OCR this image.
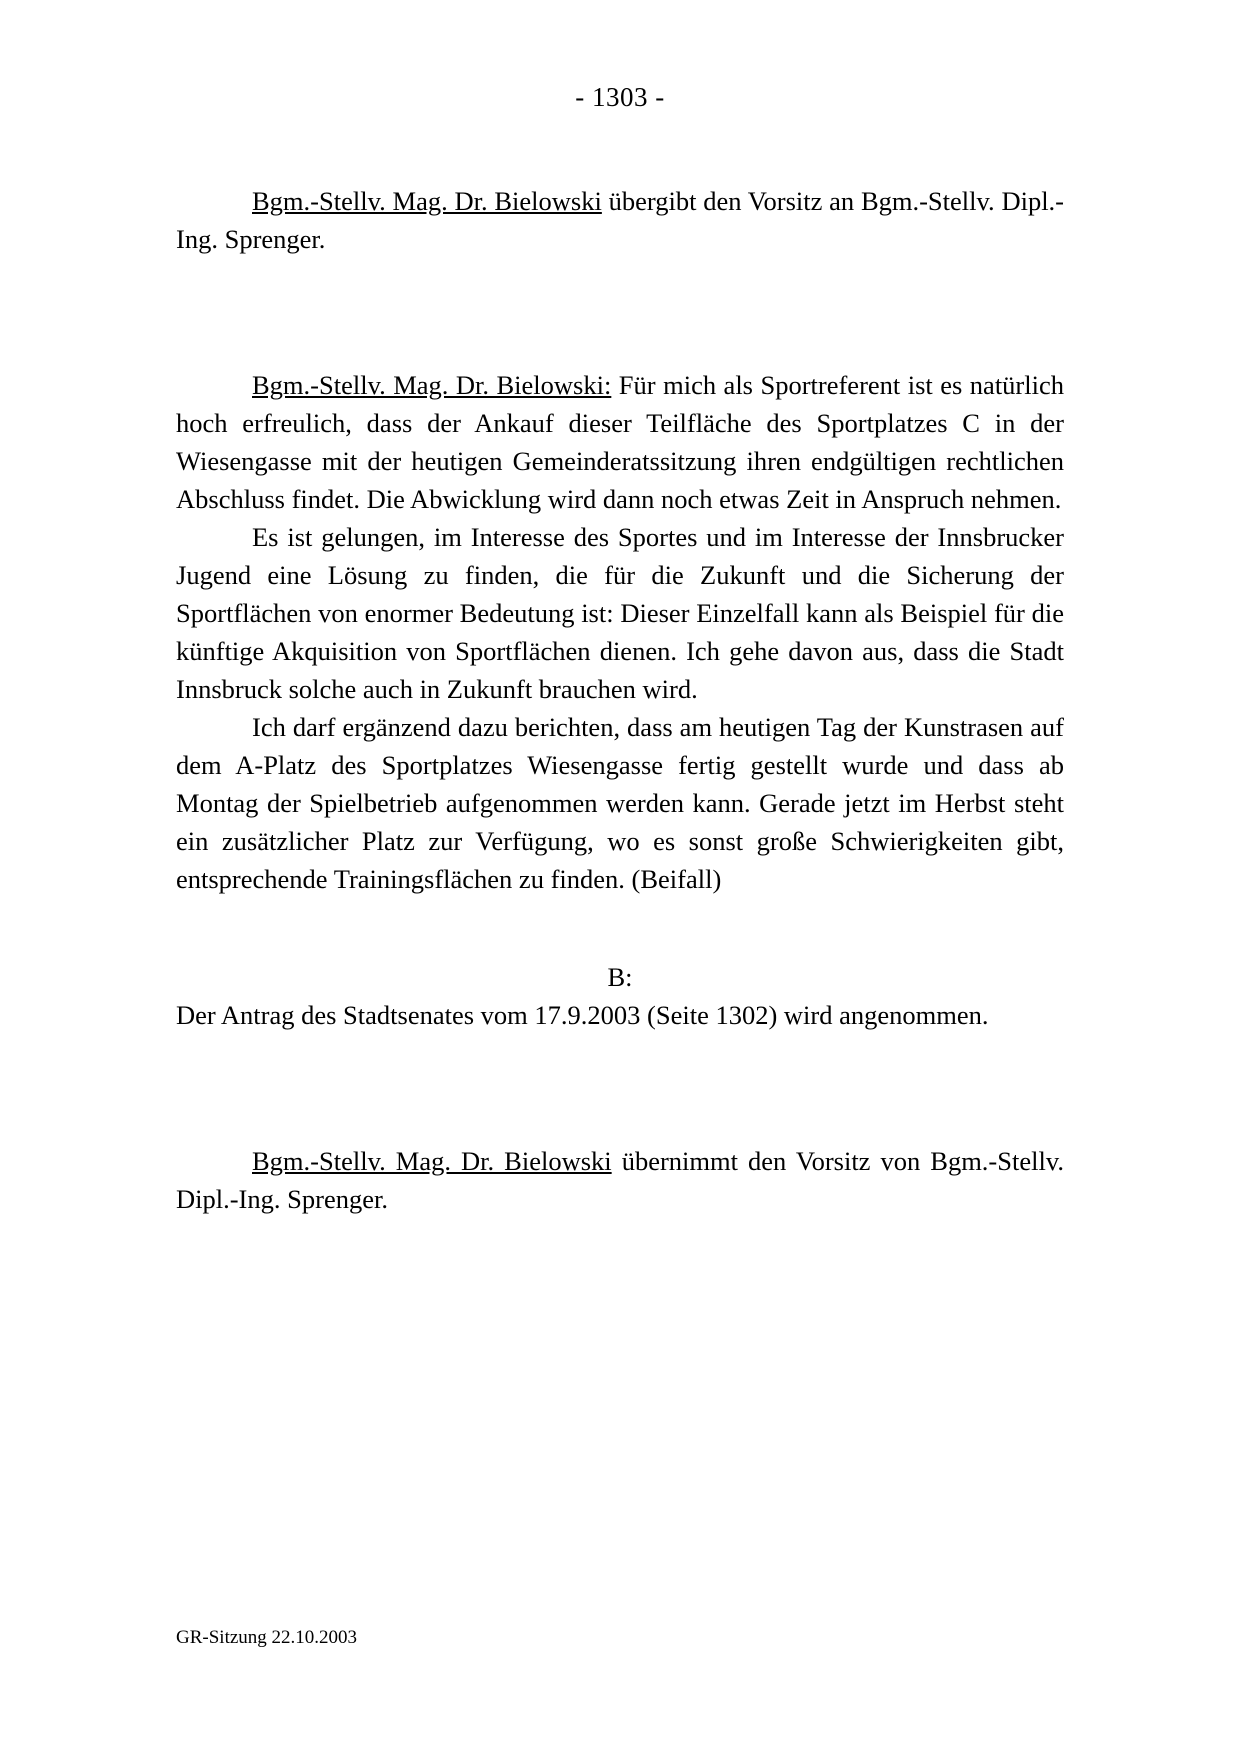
- 1303 -

Bgm.-Stellv. Mag. Dr. Bielowski übergibt den Vorsitz an Bgm.-Stellv. Dipl.-Ing. Sprenger.

Bgm.-Stellv. Mag. Dr. Bielowski: Für mich als Sportreferent ist es natürlich hoch erfreulich, dass der Ankauf dieser Teilfläche des Sportplatzes C in der Wiesengasse mit der heutigen Gemeinderatssitzung ihren endgültigen rechtlichen Abschluss findet. Die Abwicklung wird dann noch etwas Zeit in Anspruch nehmen.

Es ist gelungen, im Interesse des Sportes und im Interesse der Innsbrucker Jugend eine Lösung zu finden, die für die Zukunft und die Sicherung der Sportflächen von enormer Bedeutung ist: Dieser Einzelfall kann als Beispiel für die künftige Akquisition von Sportflächen dienen. Ich gehe davon aus, dass die Stadt Innsbruck solche auch in Zukunft brauchen wird.

Ich darf ergänzend dazu berichten, dass am heutigen Tag der Kunstrasen auf dem A-Platz des Sportplatzes Wiesengasse fertig gestellt wurde und dass ab Montag der Spielbetrieb aufgenommen werden kann. Gerade jetzt im Herbst steht ein zusätzlicher Platz zur Verfügung, wo es sonst große Schwierigkeiten gibt, entsprechende Trainingsflächen zu finden. (Beifall)

B:

Der Antrag des Stadtsenates vom 17.9.2003 (Seite 1302) wird angenommen.

Bgm.-Stellv. Mag. Dr. Bielowski übernimmt den Vorsitz von Bgm.-Stellv. Dipl.-Ing. Sprenger.

GR-Sitzung 22.10.2003
